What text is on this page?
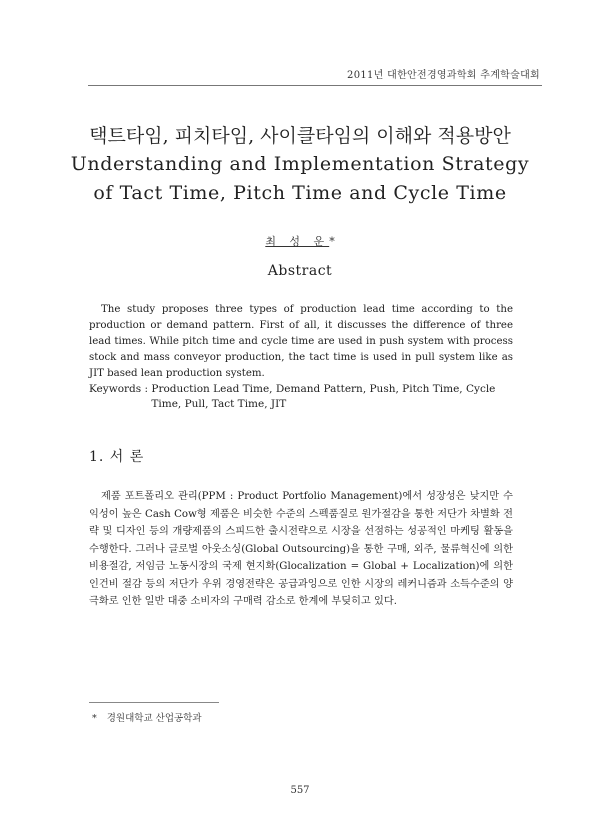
2011년 대한안전경영과학회 추계학술대회
택트타임, 피치타임, 사이클타임의 이해와 적용방안
Understanding and Implementation Strategy
of Tact Time, Pitch Time and Cycle Time
최 성 운*
Abstract

The study proposes three types of production lead time according to the production or demand pattern. First of all, it discusses the difference of three lead times. While pitch time and cycle time are used in push system with process stock and mass conveyor production, the tact time is used in pull system like as JIT based lean production system.

Keywords : Production Lead Time, Demand Pattern, Push, Pitch Time, Cycle Time, Pull, Tact Time, JIT
1. 서 론

제품 포트폴리오 관리(PPM : Product Portfolio Management)에서 성장성은 낮지만 수익성이 높은 Cash Cow형 제품은 비슷한 수준의 스펙품질로 원가절감을 통한 저단가 차별화 전략 및 디자인 등의 개량제품의 스피드한 출시전략으로 시장을 선점하는 성공적인 마케팅 활동을 수행한다. 그러나 글로벌 아웃소싱(Global Outsourcing)을 통한 구매, 외주, 물류혁신에 의한 비용절감, 저임금 노동시장의 국제 현지화(Glocalization = Global + Localization)에 의한 인건비 절감 등의 저단가 우위 경영전략은 공급과잉으로 인한 시장의 레커니즘과 소득수준의 양극화로 인한 일반 대중 소비자의 구매력 감소로 한계에 부딪히고 있다.

* 경원대학교 산업공학과
557
